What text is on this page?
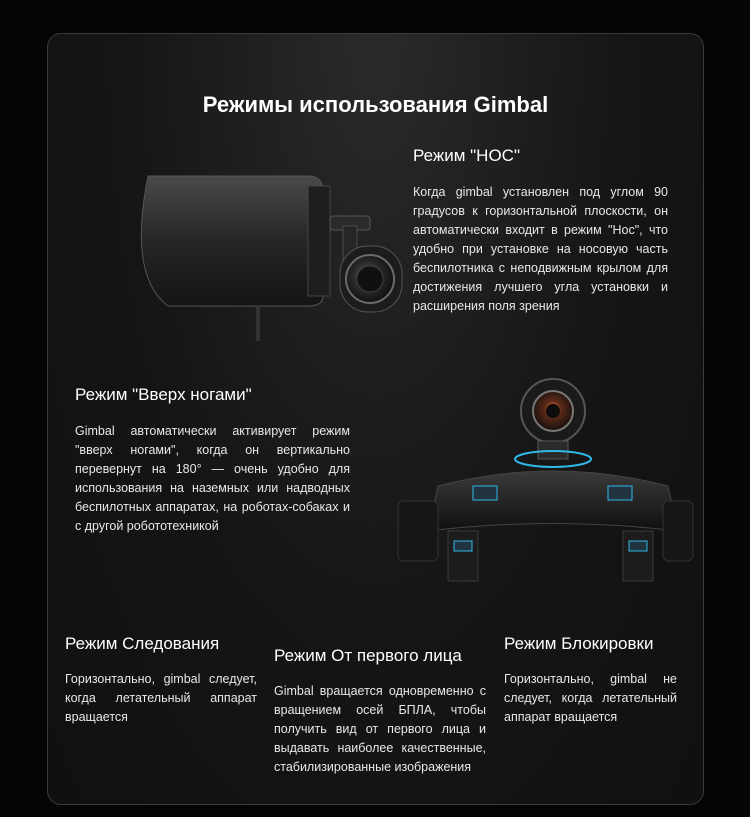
Режимы использования Gimbal
Режим "НОС"

Когда gimbal установлен под углом 90 градусов к горизонтальной плоскости, он автоматически входит в режим "Нос", что удобно при установке на носовую часть беспилотника с неподвижным крылом для достижения лучшего угла установки и расширения поля зрения

Режим "Вверх ногами"

Gimbal автоматически активирует режим "вверх ногами", когда он вертикально перевернут на 180° — очень удобно для использования на наземных или надводных беспилотных аппаратах, на роботах-собаках и с другой робототехникой

Режим Следования

Горизонтально, gimbal следует, когда летательный аппарат вращается

Режим От первого лица

Gimbal вращается одновременно с вращением осей БПЛА, чтобы получить вид от первого лица и выдавать наиболее качественные, стабилизированные изображения

Режим Блокировки

Горизонтально, gimbal не следует, когда летательный аппарат вращается
